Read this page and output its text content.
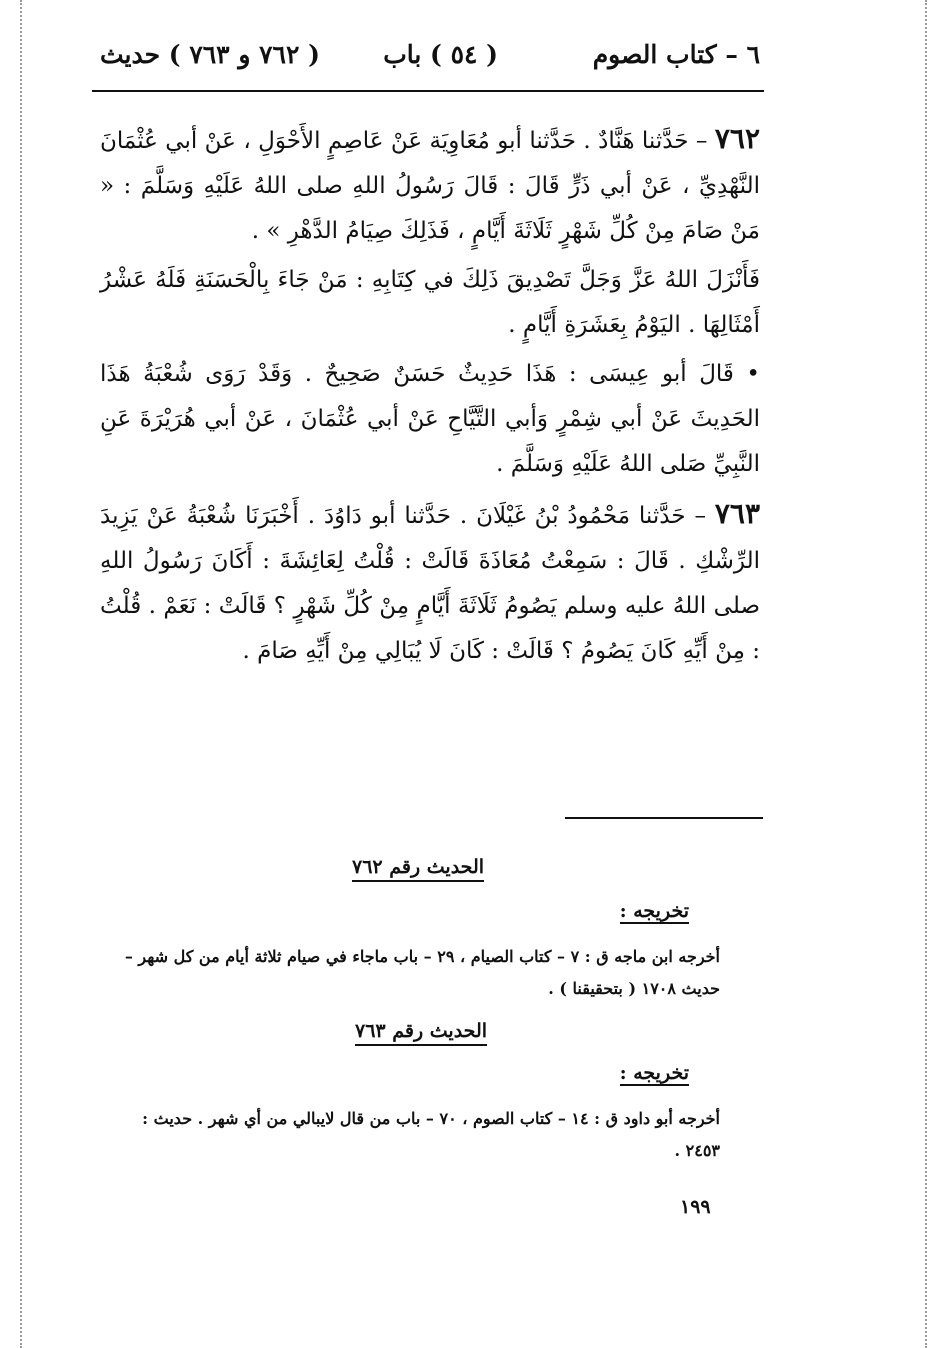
٦ – كتاب الصوم
( ٥٤ ) باب
( ٧٦٢ و ٧٦٣ ) حديث

٧٦٢ – حَدَّثنا هَنَّادٌ . حَدَّثنا أبو مُعَاوِيَة عَنْ عَاصِمٍ الأَحْوَلِ ، عَنْ أبي عُثْمَانَ النَّهْدِيِّ ، عَنْ أبي ذَرٍّ قَالَ : قَالَ رَسُولُ اللهِ صلى اللهُ عَلَيْهِ وَسَلَّمَ : « مَنْ صَامَ مِنْ كُلِّ شَهْرٍ ثَلَاثَةَ أَيَّامٍ ، فَذَلِكَ صِيَامُ الدَّهْرِ » .

فَأَنْزَلَ اللهُ عَزَّ وَجَلَّ تَصْدِيقَ ذَلِكَ في كِتَابِهِ : مَنْ جَاءَ بِالْحَسَنَةِ فَلَهُ عَشْرُ أَمْثَالِهَا . اليَوْمُ بِعَشَرَةِ أَيَّامٍ .

• قَالَ أبو عِيسَى : هَذَا حَدِيثٌ حَسَنٌ صَحِيحٌ . وَقَدْ رَوَى شُعْبَةُ هَذَا الحَدِيثَ عَنْ أبي شِمْرٍ وَأبي التَّيَّاحِ عَنْ أبي عُثْمَانَ ، عَنْ أبي هُرَيْرَةَ عَنِ النَّبِيِّ صَلى اللهُ عَلَيْهِ وَسَلَّمَ .

٧٦٣ – حَدَّثنا مَحْمُودُ بْنُ غَيْلَانَ . حَدَّثنا أبو دَاوُدَ . أَخْبَرَنَا شُعْبَةُ عَنْ يَزِيدَ الرِّشْكِ . قَالَ : سَمِعْتُ مُعَاذَةَ قَالَتْ : قُلْتُ لِعَائِشَةَ : أَكَانَ رَسُولُ اللهِ صلى اللهُ عليه وسلم يَصُومُ ثَلَاثَةَ أَيَّامٍ مِنْ كُلِّ شَهْرٍ ؟ قَالَتْ : نَعَمْ . قُلْتُ : مِنْ أَيِّهِ كَانَ يَصُومُ ؟ قَالَتْ : كَانَ لَا يُبَالِي مِنْ أَيِّهِ صَامَ .

الحديث رقم ٧٦٢
تخريجه :
أخرجه ابن ماجه ق : ٧ – كتاب الصيام ، ٢٩ – باب ماجاء في صيام ثلاثة أيام من كل شهر – حديث ١٧٠٨ ( بتحقيقنا ) .
الحديث رقم ٧٦٣
تخريجه :
أخرجه أبو داود ق : ١٤ – كتاب الصوم ، ٧٠ – باب من قال لايبالي من أي شهر . حديث : ٢٤٥٣ .
١٩٩
